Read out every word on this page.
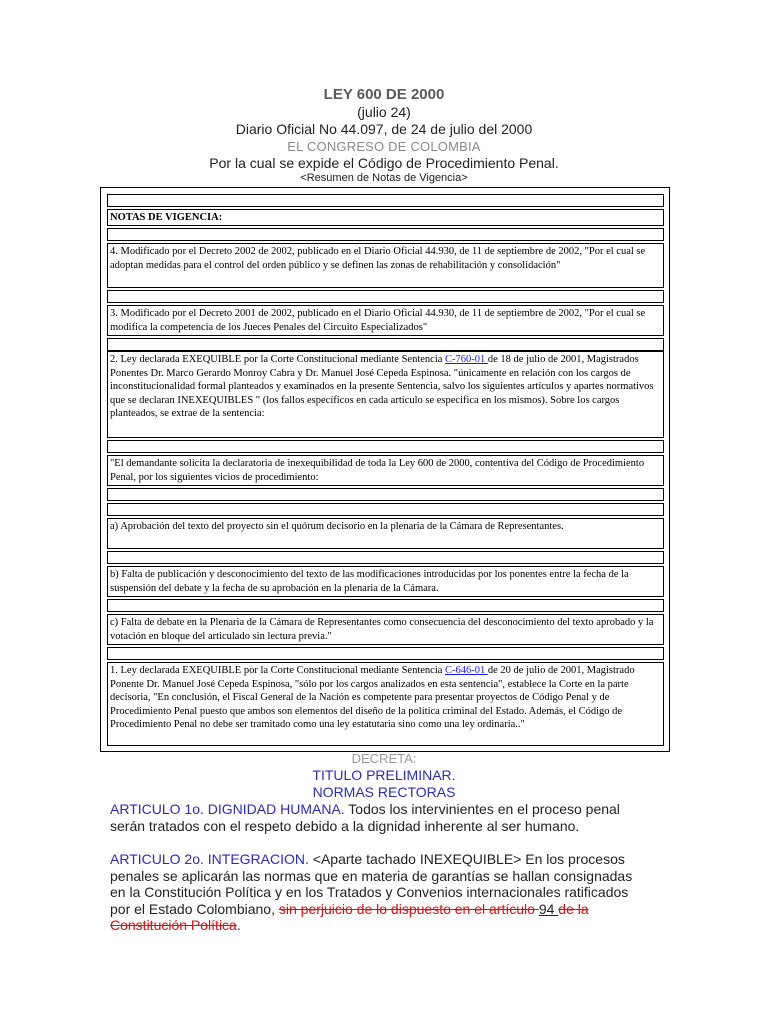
LEY 600 DE 2000
(julio 24)
Diario Oficial No 44.097, de 24 de julio del 2000
EL CONGRESO DE COLOMBIA
Por la cual se expide el Código de Procedimiento Penal.
<Resumen de Notas de Vigencia>
NOTAS DE VIGENCIA:
4. Modificado por el Decreto 2002 de 2002, publicado en el Diario Oficial 44.930, de 11 de septiembre de 2002, "Por el cual se adoptan medidas para el control del orden público y se definen las zonas de rehabilitación y consolidación"
3. Modificado por el Decreto 2001 de 2002, publicado en el Diario Oficial 44.930, de 11 de septiembre de 2002, "Por el cual se modifica la competencia de los Jueces Penales del Circuito Especializados"
2. Ley declarada EXEQUIBLE por la Corte Constitucional mediante Sentencia C-760-01 de 18 de julio de 2001, Magistrados Ponentes Dr. Marco Gerardo Monroy Cabra y Dr. Manuel José Cepeda Espinosa. "únicamente en relación con los cargos de inconstitucionalidad formal planteados y examinados en la presente Sentencia, salvo los siguientes artículos y apartes normativos que se declaran INEXEQUIBLES " (los fallos específicos en cada artículo se especifica en los mismos). Sobre los cargos planteados, se extrae de la sentencia:
"El demandante solicita la declaratoria de inexequibilidad de toda la Ley 600 de 2000, contentiva del Código de Procedimiento Penal, por los siguientes vicios de procedimiento:
a) Aprobación del texto del proyecto sin el quórum decisorio en la plenaria de la Cámara de Representantes.
b) Falta de publicación y desconocimiento del texto de las modificaciones introducidas por los ponentes entre la fecha de la suspensión del debate y la fecha de su aprobación en la plenaria de la Cámara.
c) Falta de debate en la Plenaria de la Cámara de Representantes como consecuencia del desconocimiento del texto aprobado y la votación en bloque del articulado sin lectura previa."
1. Ley declarada EXEQUIBLE por la Corte Constitucional mediante Sentencia C-646-01 de 20 de julio de 2001, Magistrado Ponente Dr. Manuel José Cepeda Espinosa, "sólo por los cargos analizados en esta sentencia", establece la Corte en la parte decisoria, "En conclusión, el Fiscal General de la Nación es competente para presentar proyectos de Código Penal y de Procedimiento Penal puesto que ambos son elementos del diseño de la política criminal del Estado. Además, el Código de Procedimiento Penal no debe ser tramitado como una ley estatutaria sino como una ley ordinaria.."
DECRETA:
TITULO PRELIMINAR.
NORMAS RECTORAS
ARTICULO 1o. DIGNIDAD HUMANA. Todos los intervinientes en el proceso penal serán tratados con el respeto debido a la dignidad inherente al ser humano.
ARTICULO 2o. INTEGRACION. <Aparte tachado INEXEQUIBLE> En los procesos penales se aplicarán las normas que en materia de garantías se hallan consignadas en la Constitución Política y en los Tratados y Convenios internacionales ratificados por el Estado Colombiano, sin perjuicio de lo dispuesto en el artículo 94 de la Constitución Política.
